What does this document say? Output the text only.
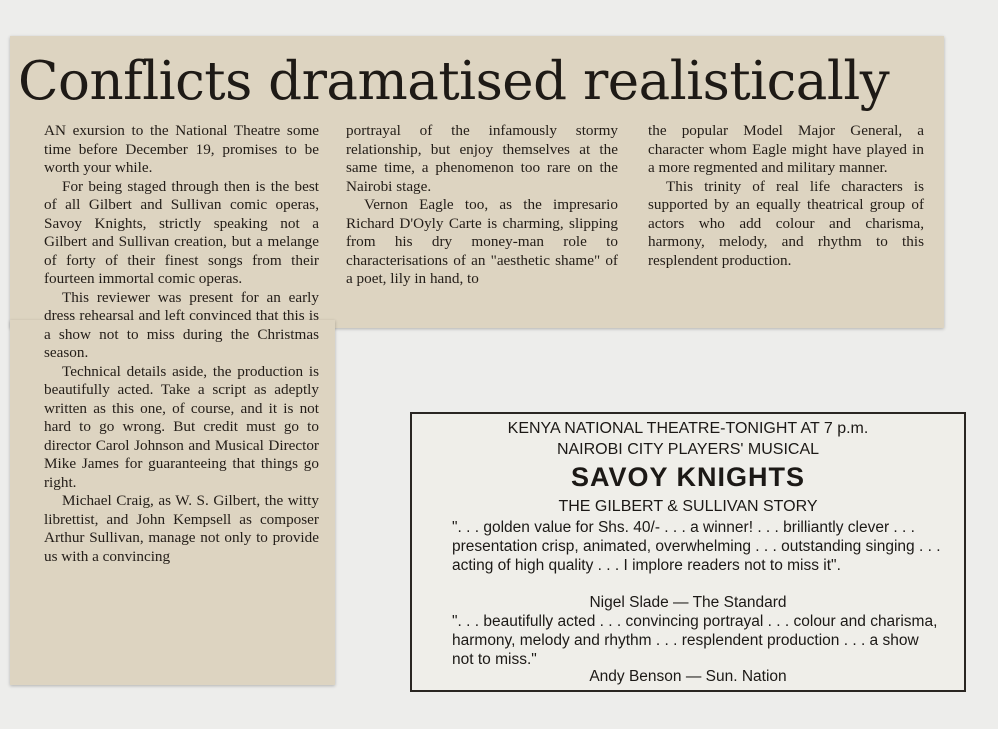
Conflicts dramatised realistically

AN exursion to the National Theatre some time before December 19, promises to be worth your while.

For being staged through then is the best of all Gilbert and Sullivan comic operas, Savoy Knights, strictly speaking not a Gilbert and Sullivan creation, but a melange of forty of their finest songs from their fourteen immortal comic operas.

This reviewer was present for an early dress rehearsal and left convinced that this is a show not to miss during the Christmas season.

Technical details aside, the production is beautifully acted. Take a script as adeptly written as this one, of course, and it is not hard to go wrong. But credit must go to director Carol Johnson and Musical Director Mike James for guaranteeing that things go right.

Michael Craig, as W. S. Gilbert, the witty librettist, and John Kempsell as composer Arthur Sullivan, manage not only to provide us with a convincing

portrayal of the infamously stormy relationship, but enjoy themselves at the same time, a phenomenon too rare on the Nairobi stage.

Vernon Eagle too, as the impresario Richard D'Oyly Carte is charming, slipping from his dry money-man role to characterisations of an "aesthetic shame" of a poet, lily in hand, to

the popular Model Major General, a character whom Eagle might have played in a more regmented and military manner.

This trinity of real life characters is supported by an equally theatrical group of actors who add colour and charisma, harmony, melody, and rhythm to this resplendent production.

KENYA NATIONAL THEATRE-TONIGHT AT 7 p.m.
NAIROBI CITY PLAYERS' MUSICAL
SAVOY KNIGHTS
THE GILBERT & SULLIVAN STORY
". . . golden value for Shs. 40/- . . . a winner! . . . brilliantly clever . . . presentation crisp, animated, overwhelming . . . outstanding singing . . . acting of high quality . . . I implore readers not to miss it".
Nigel Slade — The Standard
". . . beautifully acted . . . convincing portrayal . . . colour and charisma, harmony, melody and rhythm . . . resplendent production . . . a show not to miss."
Andy Benson — Sun. Nation
